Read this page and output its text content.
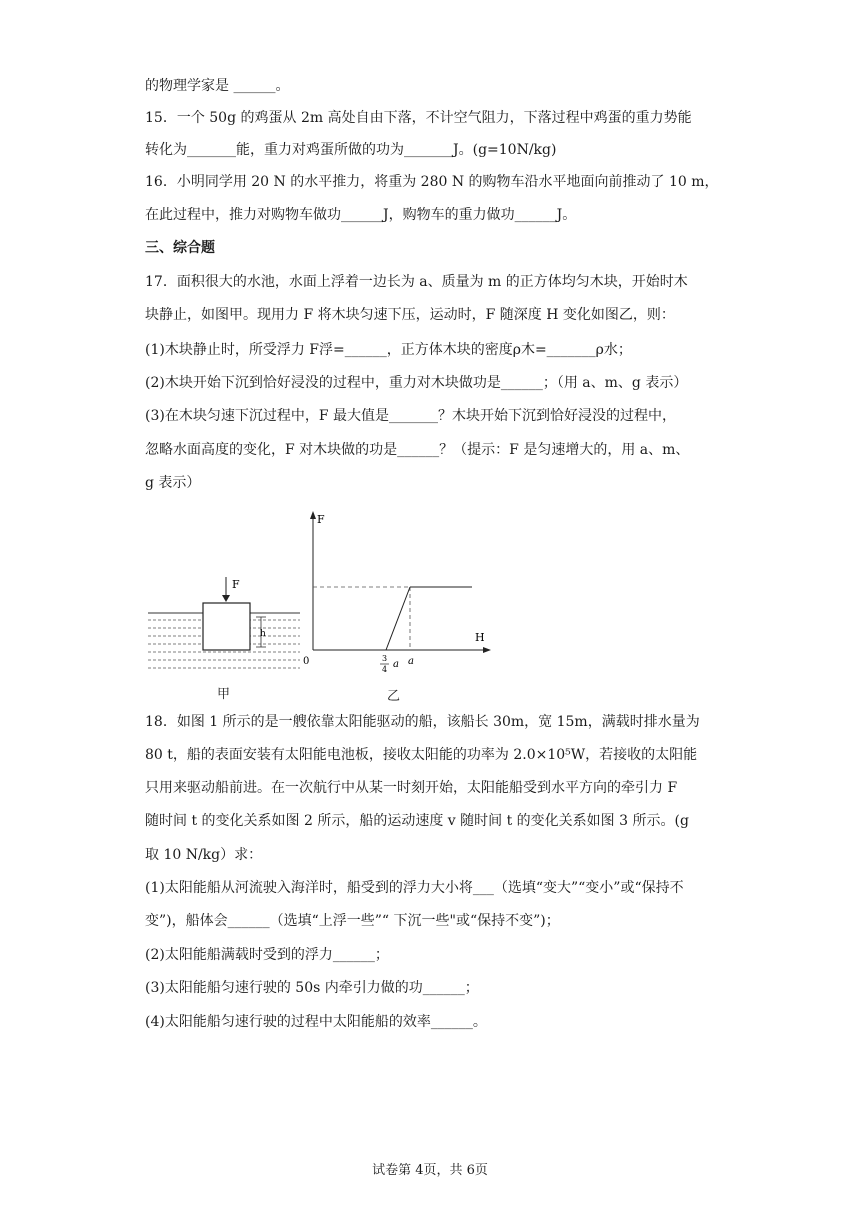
的物理学家是 ______。
15．一个 50g 的鸡蛋从 2m 高处自由下落，不计空气阻力，下落过程中鸡蛋的重力势能
转化为_______能，重力对鸡蛋所做的功为_______J。(g=10N/kg)
16．小明同学用 20 N 的水平推力，将重为 280 N 的购物车沿水平地面向前推动了 10 m，
在此过程中，推力对购物车做功______J，购物车的重力做功______J。
三、综合题
17．面积很大的水池，水面上浮着一边长为 a、质量为 m 的正方体均匀木块，开始时木
块静止，如图甲。现用力 F 将木块匀速下压，运动时，F 随深度 H 变化如图乙，则：
(1)木块静止时，所受浮力 F浮=______，正方体木块的密度ρ木=_______ρ水；
(2)木块开始下沉到恰好浸没的过程中，重力对木块做功是______；（用 a、m、g 表示）
(3)在木块匀速下沉过程中，F 最大值是_______？木块开始下沉到恰好浸没的过程中，
忽略水面高度的变化，F 对木块做的功是______？（提示：F 是匀速增大的，用 a、m、
g 表示）
F
h
F
H
0	3
4 a a
甲	乙
18．如图 1 所示的是一艘依靠太阳能驱动的船，该船长 30m，宽 15m，满载时排水量为
80 t，船的表面安装有太阳能电池板，接收太阳能的功率为 2.0×10⁵W，若接收的太阳能
只用来驱动船前进。在一次航行中从某一时刻开始，太阳能船受到水平方向的牵引力 F
随时间 t 的变化关系如图 2 所示，船的运动速度 v 随时间 t 的变化关系如图 3 所示。(g
取 10 N/kg）求：
(1)太阳能船从河流驶入海洋时，船受到的浮力大小将___（选填“变大”“变小”或“保持不
变”)，船体会______（选填“上浮一些”“ 下沉一些"或“保持不变”)；
(2)太阳能船满载时受到的浮力______；
(3)太阳能船匀速行驶的 50s 内牵引力做的功______；
(4)太阳能船匀速行驶的过程中太阳能船的效率______。
试卷第 4页，共 6页
